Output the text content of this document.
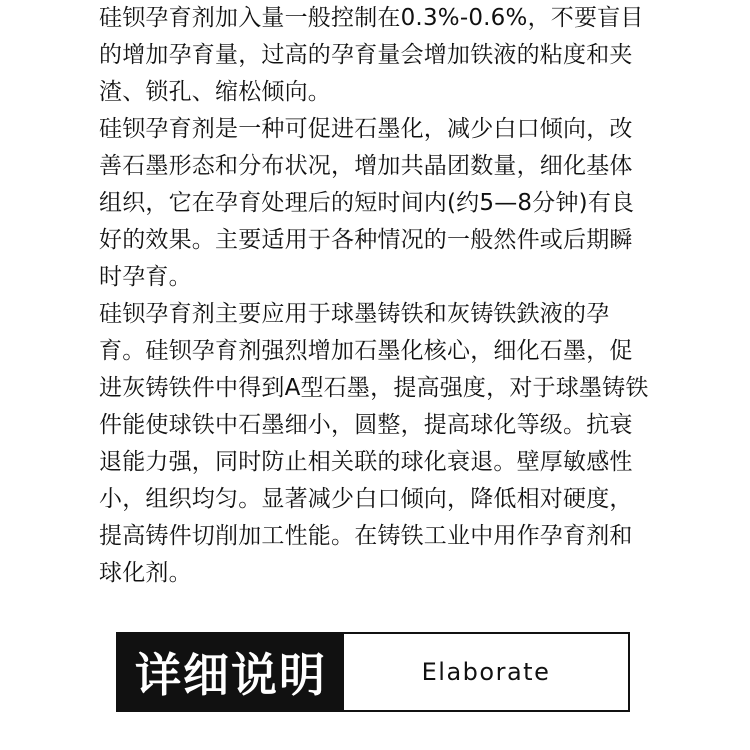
硅钡孕育剂加入量一般控制在0.3%-0.6%，不要盲目的增加孕育量，过高的孕育量会增加铁液的粘度和夹渣、锁孔、缩松倾向。

硅钡孕育剂是一种可促进石墨化，减少白口倾向，改善石墨形态和分布状况，增加共晶团数量，细化基体组织，它在孕育处理后的短时间内(约5—8分钟)有良好的效果。主要适用于各种情况的一般然件或后期瞬时孕育。

硅钡孕育剂主要应用于球墨铸铁和灰铸铁鉄液的孕育。硅钡孕育剂强烈增加石墨化核心，细化石墨，促进灰铸铁件中得到A型石墨，提高强度，对于球墨铸铁件能使球铁中石墨细小，圆整，提高球化等级。抗衰退能力强，同时防止相关联的球化衰退。壁厚敏感性小，组织均匀。显著减少白口倾向，降低相对硬度，提高铸件切削加工性能。在铸铁工业中用作孕育剂和球化剂。

详细说明	Elaborate
